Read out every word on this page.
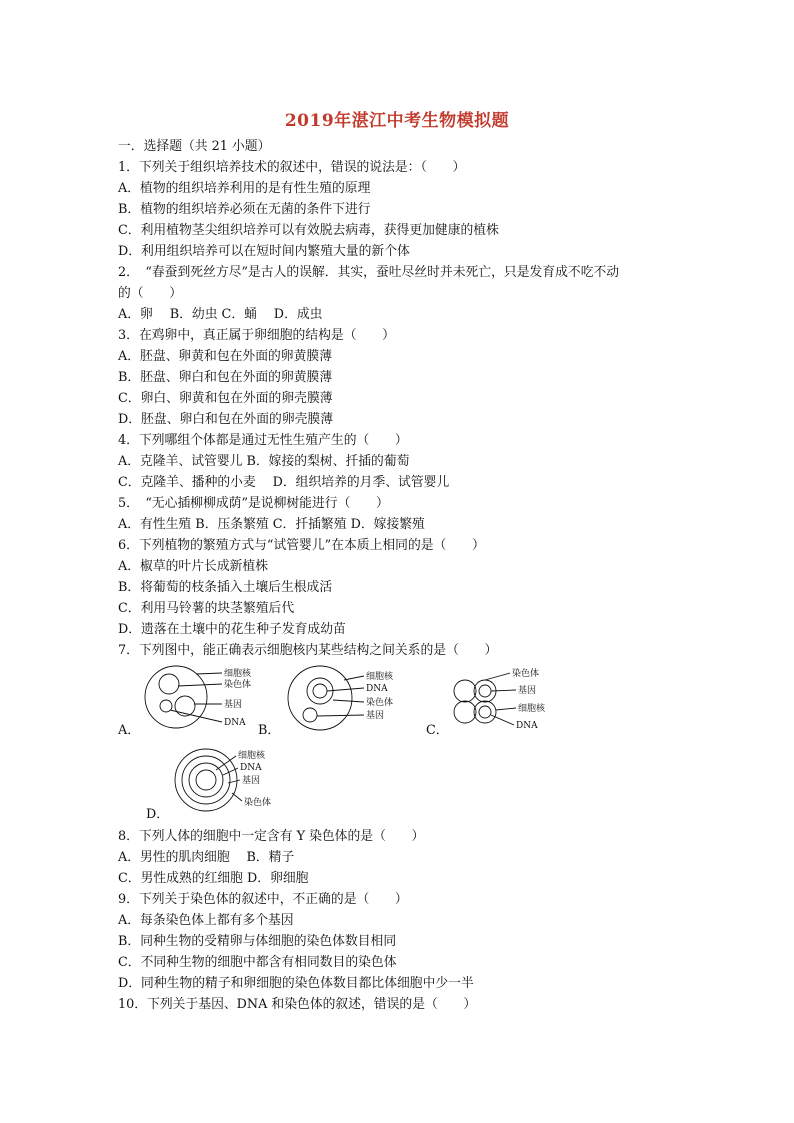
2019年湛江中考生物模拟题
一．选择题（共 21 小题）
1．下列关于组织培养技术的叙述中，错误的说法是：（　　）
A．植物的组织培养利用的是有性生殖的原理
B．植物的组织培养必须在无菌的条件下进行
C．利用植物茎尖组织培养可以有效脱去病毒，获得更加健康的植株
D．利用组织培养可以在短时间内繁殖大量的新个体
2．　“春蚕到死丝方尽”是古人的误解．其实，蚕吐尽丝时并未死亡，只是发育成不吃不动
的（　　）
A．卵　 B．幼虫 C．蛹　 D．成虫
3．在鸡卵中，真正属于卵细胞的结构是（　　）
A．胚盘、卵黄和包在外面的卵黄膜薄
B．胚盘、卵白和包在外面的卵黄膜薄
C．卵白、卵黄和包在外面的卵壳膜薄
D．胚盘、卵白和包在外面的卵壳膜薄
4．下列哪组个体都是通过无性生殖产生的（　　）
A．克隆羊、试管婴儿 B．嫁接的梨树、扦插的葡萄
C．克隆羊、播种的小麦　 D．组织培养的月季、试管婴儿
5．　“无心插柳柳成荫”是说柳树能进行（　　）
A．有性生殖 B．压条繁殖 C．扦插繁殖 D．嫁接繁殖
6．下列植物的繁殖方式与“试管婴儿”在本质上相同的是（　　）
A．椒草的叶片长成新植株
B．将葡萄的枝条插入土壤后生根成活
C．利用马铃薯的块茎繁殖后代
D．遗落在土壤中的花生种子发育成幼苗
7．下列图中，能正确表示细胞核内某些结构之间关系的是（　　）
A．	B．	C．
D．
细胞核
染色体
基因
DNA
细胞核
DNA
染色体
基因
染色体
基因
细胞核
DNA
细胞核
DNA
基因
染色体
8．下列人体的细胞中一定含有 Y 染色体的是（　　）
A．男性的肌肉细胞　 B．精子
C．男性成熟的红细胞 D．卵细胞
9．下列关于染色体的叙述中，不正确的是（　　）
A．每条染色体上都有多个基因
B．同种生物的受精卵与体细胞的染色体数目相同
C．不同种生物的细胞中都含有相同数目的染色体
D．同种生物的精子和卵细胞的染色体数目都比体细胞中少一半
10．下列关于基因、DNA 和染色体的叙述，错误的是（　　）
